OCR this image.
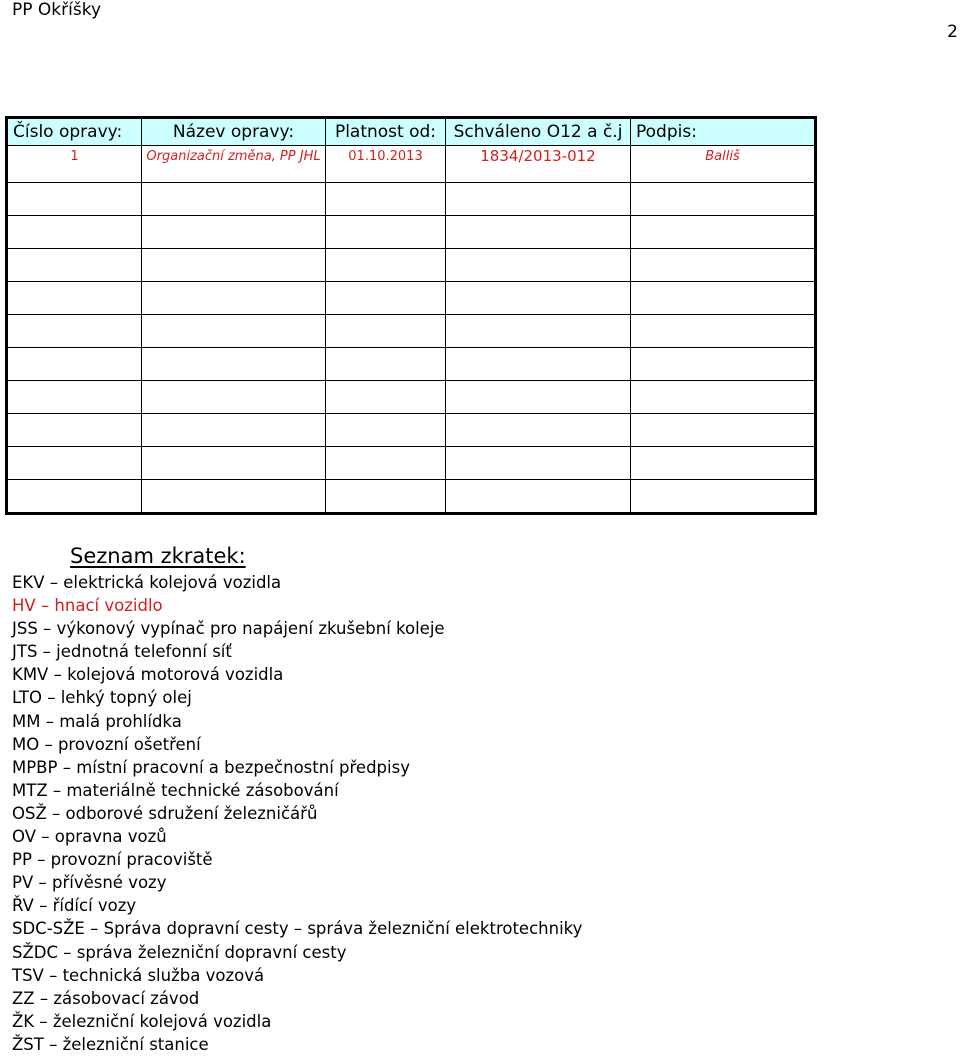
PP Okříšky
2
Číslo opravy:	Název opravy:	Platnost od:	Schváleno O12 a č.j	Podpis:
1	Organizační změna, PP JHL	01.10.2013	1834/2013-012	Balliš

Seznam zkratek:
EKV – elektrická kolejová vozidla
HV – hnací vozidlo
JSS – výkonový vypínač pro napájení zkušební koleje
JTS – jednotná telefonní síť
KMV – kolejová motorová vozidla
LTO – lehký topný olej
MM – malá prohlídka
MO – provozní ošetření
MPBP – místní pracovní a bezpečnostní předpisy
MTZ – materiálně technické zásobování
OSŽ – odborové sdružení železničářů
OV – opravna vozů
PP – provozní pracoviště
PV – přívěsné vozy
ŘV – řídící vozy
SDC-SŽE – Správa dopravní cesty – správa železniční elektrotechniky
SŽDC – správa železniční dopravní cesty
TSV – technická služba vozová
ZZ – zásobovací závod
ŽK – železniční kolejová vozidla
ŽST – železniční stanice
